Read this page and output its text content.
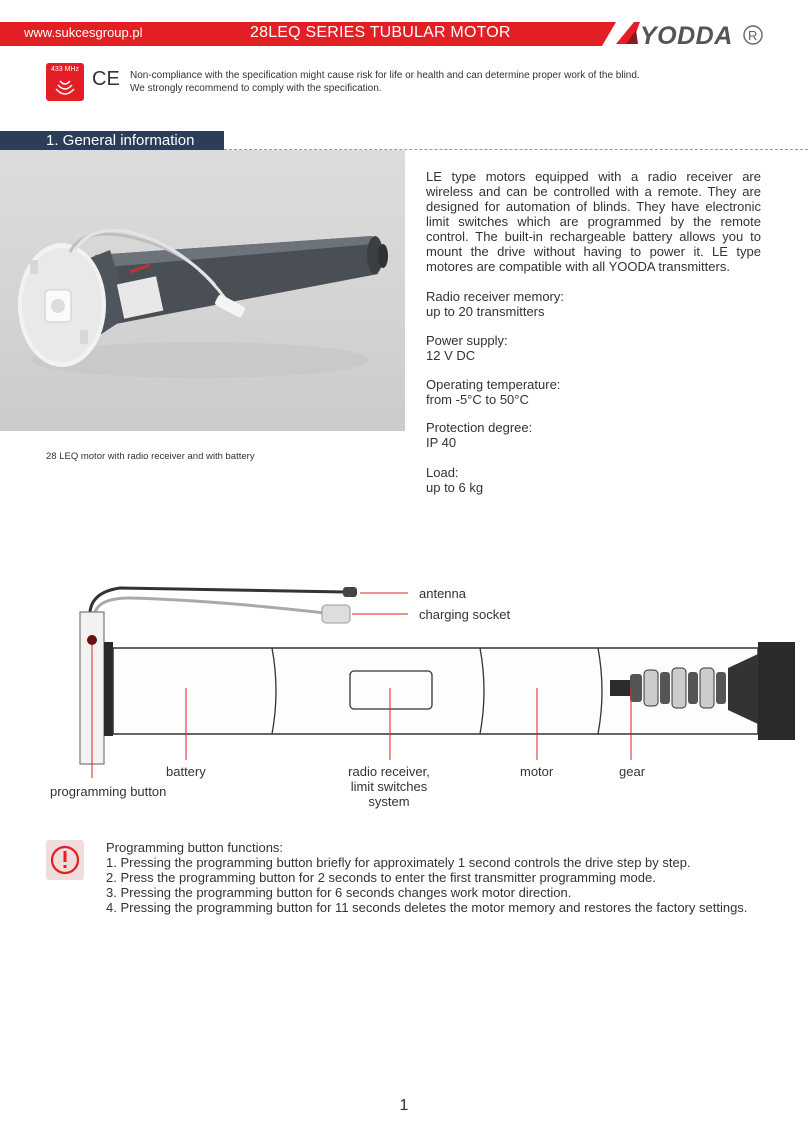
www.sukcesgroup.pl	28LEQ SERIES TUBULAR MOTOR	YODDA R
433 MHz CE Non-compliance with the specification might cause risk for life or health and can determine proper work of the blind.
We strongly recommend to comply with the specification.
1. General information
28 LEQ motor with radio receiver and with battery
LE type motors equipped with a radio receiver are wireless and can be controlled with a remote. They are designed for automation of blinds. They have electronic limit switches which are programmed by the remote control. The built-in rechargeable battery allows you to mount the drive without having to power it. LE type motores are compatible with all YOODA transmitters.
Radio receiver memory:
up to 20 transmitters
Power supply:
12 V DC
Operating temperature:
from -5°C to 50°C
Protection degree:
IP 40
Load:
up to 6 kg
antenna
charging socket
battery	radio receiver,
limit switches system
motor	gear
programming button
Programming button functions:
1. Pressing the programming button briefly for approximately 1 second controls the drive step by step.
2. Press the programming button for 2 seconds to enter the first transmitter programming mode.
3. Pressing the programming button for 6 seconds changes work motor direction.
4. Pressing the programming button for 11 seconds deletes the motor memory and restores the factory settings.
1
